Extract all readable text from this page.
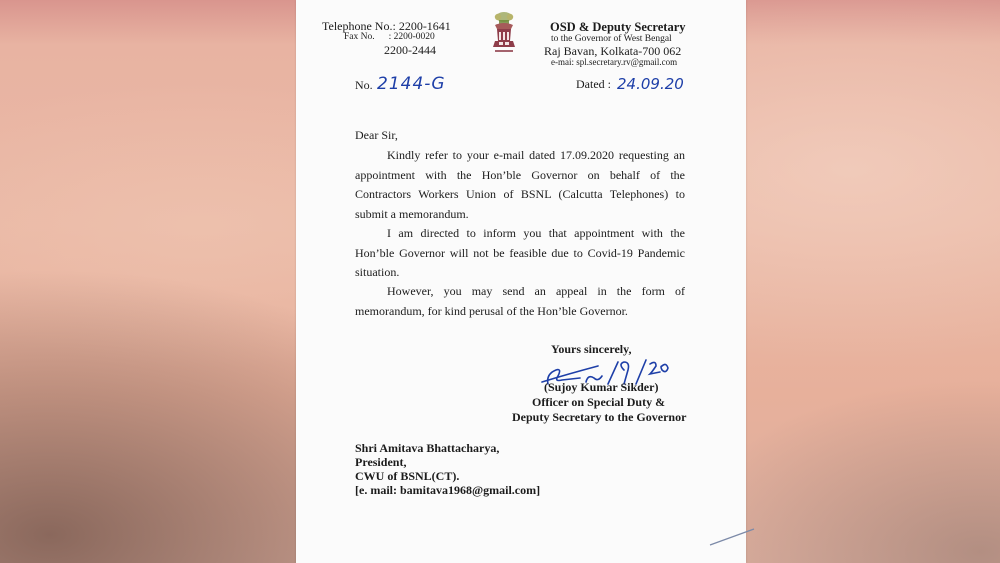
Telephone No.: 2200-1641
Fax No. : 2200-0020
2200-2444
OSD & Deputy Secretary
to the Governor of West Bengal
Raj Bavan, Kolkata-700 062
e-mai: spl.secretary.rv@gmail.com
No. 2144-G	Dated : 24.09.20
Dear Sir,
Kindly refer to your e-mail dated 17.09.2020 requesting an appointment with the Hon’ble Governor on behalf of the Contractors Workers Union of BSNL (Calcutta Telephones) to submit a memorandum.
I am directed to inform you that appointment with the Hon’ble Governor will not be feasible due to Covid-19 Pandemic situation.
However, you may send an appeal in the form of memorandum, for kind perusal of the Hon’ble Governor.
Yours sincerely,
(Sujoy Kumar Sikder)
Officer on Special Duty &
Deputy Secretary to the Governor
Shri Amitava Bhattacharya,
President,
CWU of BSNL(CT).
[e. mail: bamitava1968@gmail.com]
